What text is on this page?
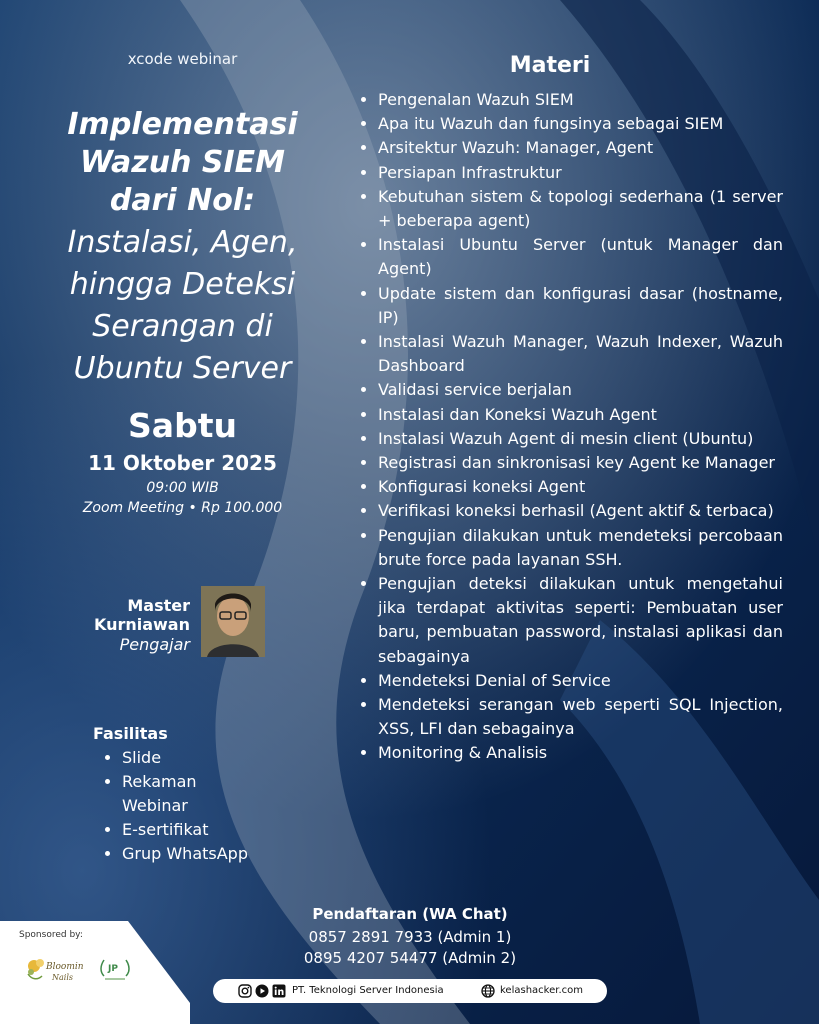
xcode webinar
Implementasi
Wazuh SIEM
dari Nol:
Instalasi, Agen,
hingga Deteksi
Serangan di
Ubuntu Server
Sabtu
11 Oktober 2025
09:00 WIB
Zoom Meeting • Rp 100.000
Master
Kurniawan
Pengajar
Fasilitas
• Slide
• Rekaman Webinar
• E-sertifikat
• Grup WhatsApp
Materi
• Pengenalan Wazuh SIEM
• Apa itu Wazuh dan fungsinya sebagai SIEM
• Arsitektur Wazuh: Manager, Agent
• Persiapan Infrastruktur
• Kebutuhan sistem & topologi sederhana (1 server + beberapa agent)
• Instalasi Ubuntu Server (untuk Manager dan Agent)
• Update sistem dan konfigurasi dasar (hostname, IP)
• Instalasi Wazuh Manager, Wazuh Indexer, Wazuh Dashboard
• Validasi service berjalan
• Instalasi dan Koneksi Wazuh Agent
• Instalasi Wazuh Agent di mesin client (Ubuntu)
• Registrasi dan sinkronisasi key Agent ke Manager
• Konfigurasi koneksi Agent
• Verifikasi koneksi berhasil (Agent aktif & terbaca)
• Pengujian dilakukan untuk mendeteksi percobaan brute force pada layanan SSH.
• Pengujian deteksi dilakukan untuk mengetahui jika terdapat aktivitas seperti: Pembuatan user baru, pembuatan password, instalasi aplikasi dan sebagainya
• Mendeteksi Denial of Service
• Mendeteksi serangan web seperti SQL Injection, XSS, LFI dan sebagainya
• Monitoring & Analisis
Sponsored by:
Bloomin
Nails
JP
Pendaftaran (WA Chat)
0857 2891 7933 (Admin 1)
0895 4207 54477 (Admin 2)
PT. Teknologi Server Indonesia	kelashacker.com
